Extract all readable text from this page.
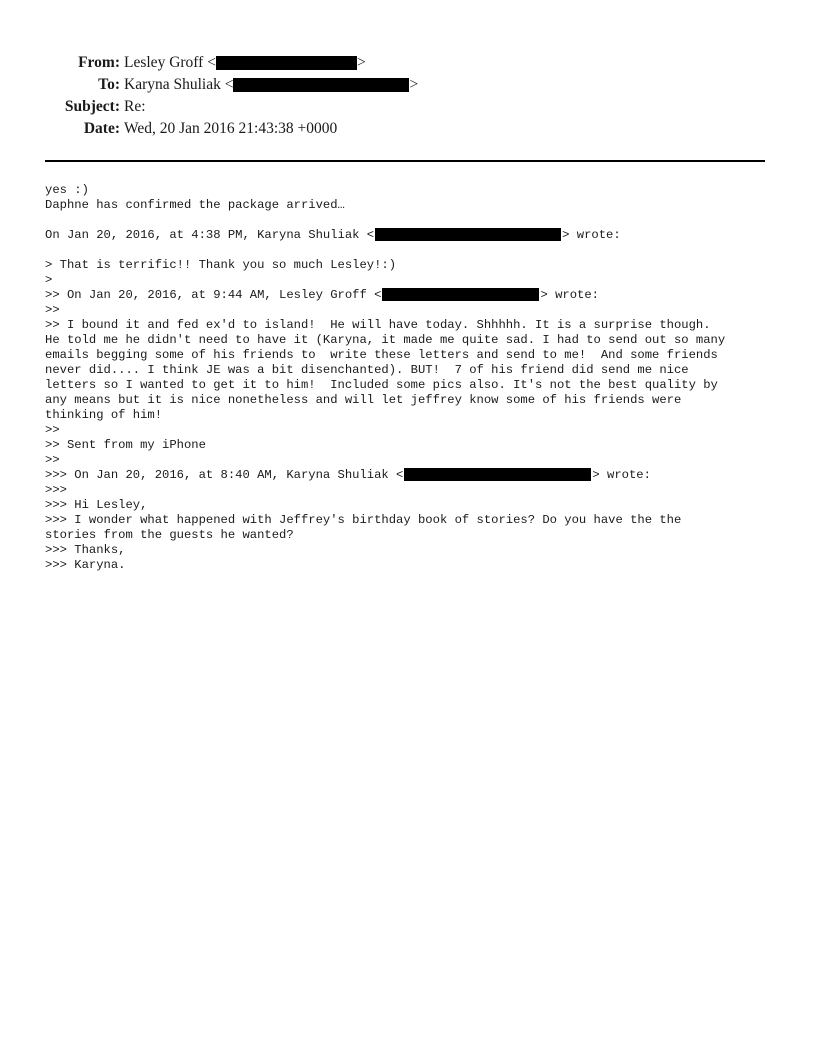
From: Lesley Groff <	>
To: Karyna Shuliak <	>
Subject: Re:
Date: Wed, 20 Jan 2016 21:43:38 +0000
yes :)
Daphne has confirmed the package arrived…
On Jan 20, 2016, at 4:38 PM, Karyna Shuliak <	> wrote:
> That is terrific!! Thank you so much Lesley!:)
>
>> On Jan 20, 2016, at 9:44 AM, Lesley Groff <	> wrote:
>>
>> I bound it and fed ex'd to island!  He will have today. Shhhhh. It is a surprise though.
He told me he didn't need to have it (Karyna, it made me quite sad. I had to send out so many
emails begging some of his friends to  write these letters and send to me!  And some friends
never did.... I think JE was a bit disenchanted). BUT!  7 of his friend did send me nice
letters so I wanted to get it to him!  Included some pics also. It's not the best quality by
any means but it is nice nonetheless and will let jeffrey know some of his friends were
thinking of him!
>>
>> Sent from my iPhone
>>
>>> On Jan 20, 2016, at 8:40 AM, Karyna Shuliak <	> wrote:
>>>
>>> Hi Lesley,
>>> I wonder what happened with Jeffrey's birthday book of stories? Do you have the the
stories from the guests he wanted?
>>> Thanks,
>>> Karyna.
